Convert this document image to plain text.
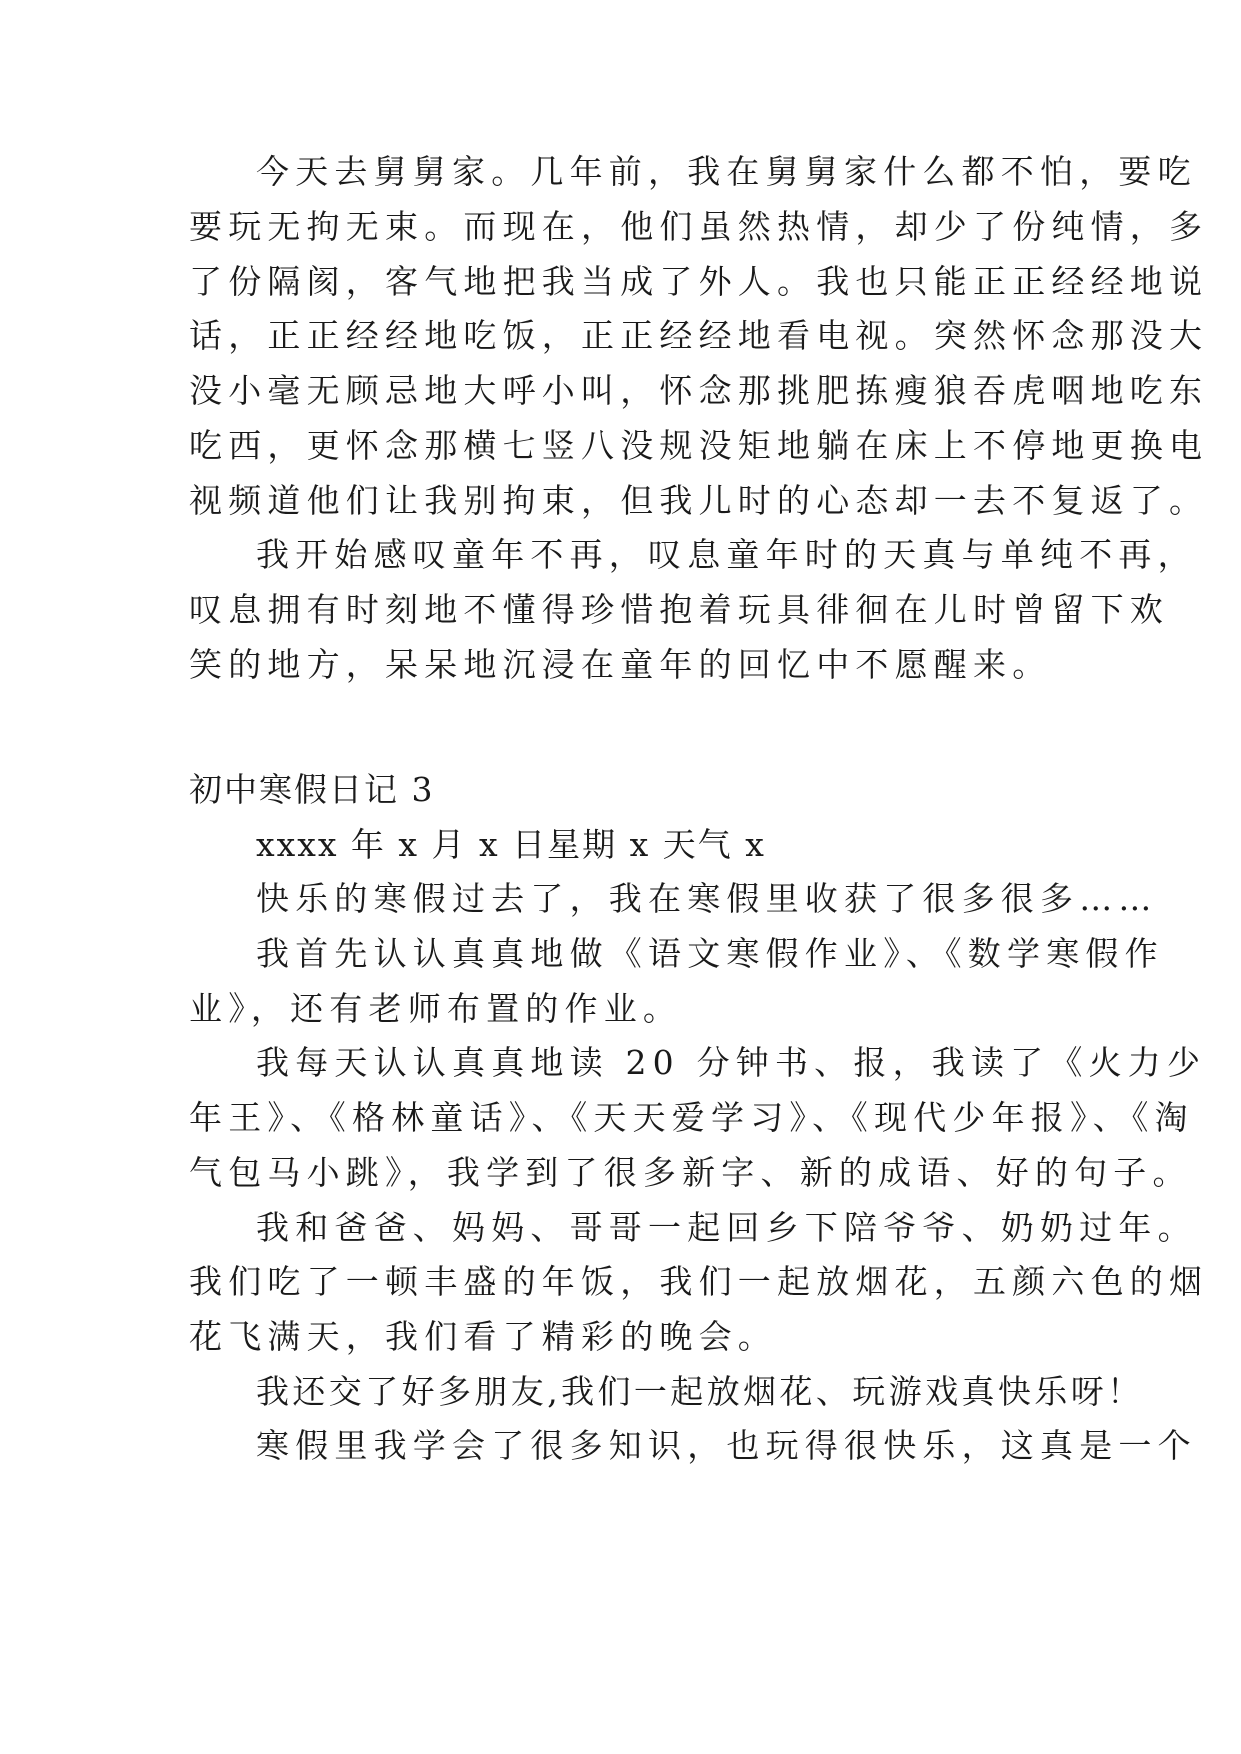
今天去舅舅家。几年前，我在舅舅家什么都不怕，要吃
要玩无拘无束。而现在，他们虽然热情，却少了份纯情，多
了份隔阂，客气地把我当成了外人。我也只能正正经经地说
话，正正经经地吃饭，正正经经地看电视。突然怀念那没大
没小毫无顾忌地大呼小叫，怀念那挑肥拣瘦狼吞虎咽地吃东
吃西，更怀念那横七竖八没规没矩地躺在床上不停地更换电
视频道他们让我别拘束，但我儿时的心态却一去不复返了。
我开始感叹童年不再，叹息童年时的天真与单纯不再，
叹息拥有时刻地不懂得珍惜抱着玩具徘徊在儿时曾留下欢
笑的地方，呆呆地沉浸在童年的回忆中不愿醒来。
初中寒假日记 3
xxxx 年 x 月 x 日星期 x 天气 x
快乐的寒假过去了，我在寒假里收获了很多很多……
我首先认认真真地做《语文寒假作业》、《数学寒假作
业》，还有老师布置的作业。
我每天认认真真地读 20 分钟书、报，我读了《火力少
年王》、《格林童话》、《天天爱学习》、《现代少年报》、《淘
气包马小跳》，我学到了很多新字、新的成语、好的句子。
我和爸爸、妈妈、哥哥一起回乡下陪爷爷、奶奶过年。
我们吃了一顿丰盛的年饭，我们一起放烟花，五颜六色的烟
花飞满天，我们看了精彩的晚会。
我还交了好多朋友,我们一起放烟花、玩游戏真快乐呀！
寒假里我学会了很多知识，也玩得很快乐，这真是一个
